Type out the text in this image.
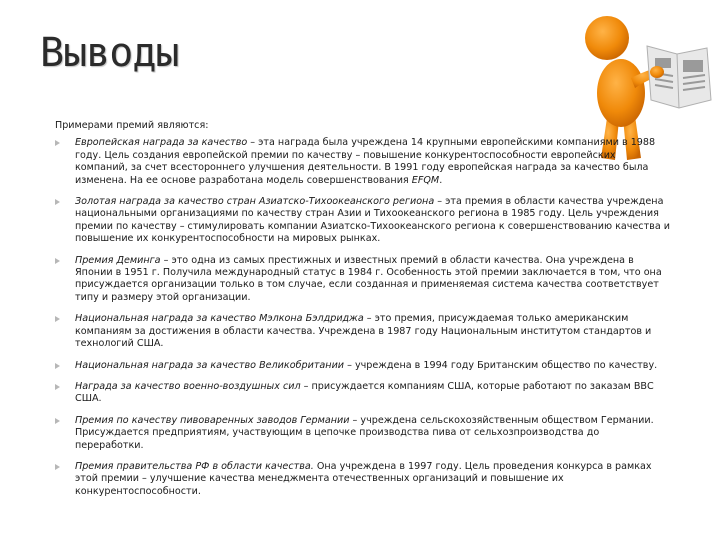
Выводы

Примерами премий являются:

Европейская награда за качество – эта награда была учреждена 14 крупными европейскими компаниями в 1988 году. Цель создания европейской премии по качеству – повышение конкурентоспособности европейских компаний, за счет всестороннего улучшения деятельности. В 1991 году европейская награда за качество была изменена. На ее основе разработана модель совершенствования EFQM.
Золотая награда за качество стран Азиатско-Тихоокеанского региона – эта премия в области качества учреждена национальными организациями по качеству стран Азии и Тихоокеанского региона в 1985 году. Цель учреждения премии по качеству – стимулировать компании Азиатско-Тихоокеанского региона к совершенствованию качества и повышение их конкурентоспособности на мировых рынках.
Премия Деминга – это одна из самых престижных и известных премий в области качества. Она учреждена в Японии в 1951 г. Получила международный статус в 1984 г. Особенность этой премии заключается в том, что она присуждается организации только в том случае, если созданная и применяемая система качества соответствует типу и размеру этой организации.
Национальная награда за качество Мэлкона Бэлдриджа – это премия, присуждаемая только американским компаниям за достижения в области качества. Учреждена в 1987 году Национальным институтом стандартов и технологий США.
Национальная награда за качество Великобритании – учреждена в 1994 году Британским общество по качеству.
Награда за качество военно-воздушных сил – присуждается компаниям США, которые работают по заказам ВВС США.
Премия по качеству пивоваренных заводов Германии – учреждена сельскохозяйственным обществом Германии. Присуждается предприятиям, участвующим в цепочке производства пива от сельхозпроизводства до переработки.
Премия правительства РФ в области качества. Она учреждена в 1997 году. Цель проведения конкурса в рамках этой премии – улучшение качества менеджмента отечественных организаций и повышение их конкурентоспособности.
